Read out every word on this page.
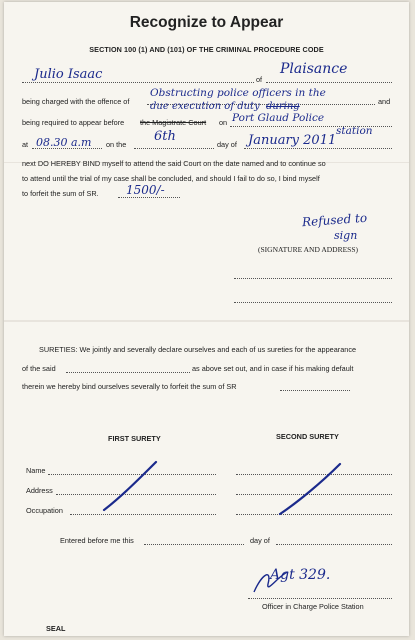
Recognize to Appear
SECTION 100 (1) AND (101) OF THE CRIMINAL PROCEDURE CODE
Julio Isaac	of
Plaisance
being charged with the offence of
Obstructing police officers in the
and
due execution of duty during
being required to appear before the Magistrate Court on Port Glaud Police
station
at 08.30 a.m on the
6th
day of January 2011
next DO HEREBY BIND myself to attend the said Court on the date named and to continue so
to attend until the trial of my case shall be concluded, and should I fail to do so, I bind myself
to forfeit the sum of SR. 1500/-
Refused to
sign
(SIGNATURE AND ADDRESS)
SURETIES: We jointly and severally declare ourselves and each of us sureties for the appearance
of the said	as above set out, and in case if his making default
therein we hereby bind ourselves severally to forfeit the sum of SR
FIRST SURETY	SECOND SURETY
Name
Address
Occupation
Entered before me this	day of
Agt 329.
Officer in Charge Police Station
SEAL
